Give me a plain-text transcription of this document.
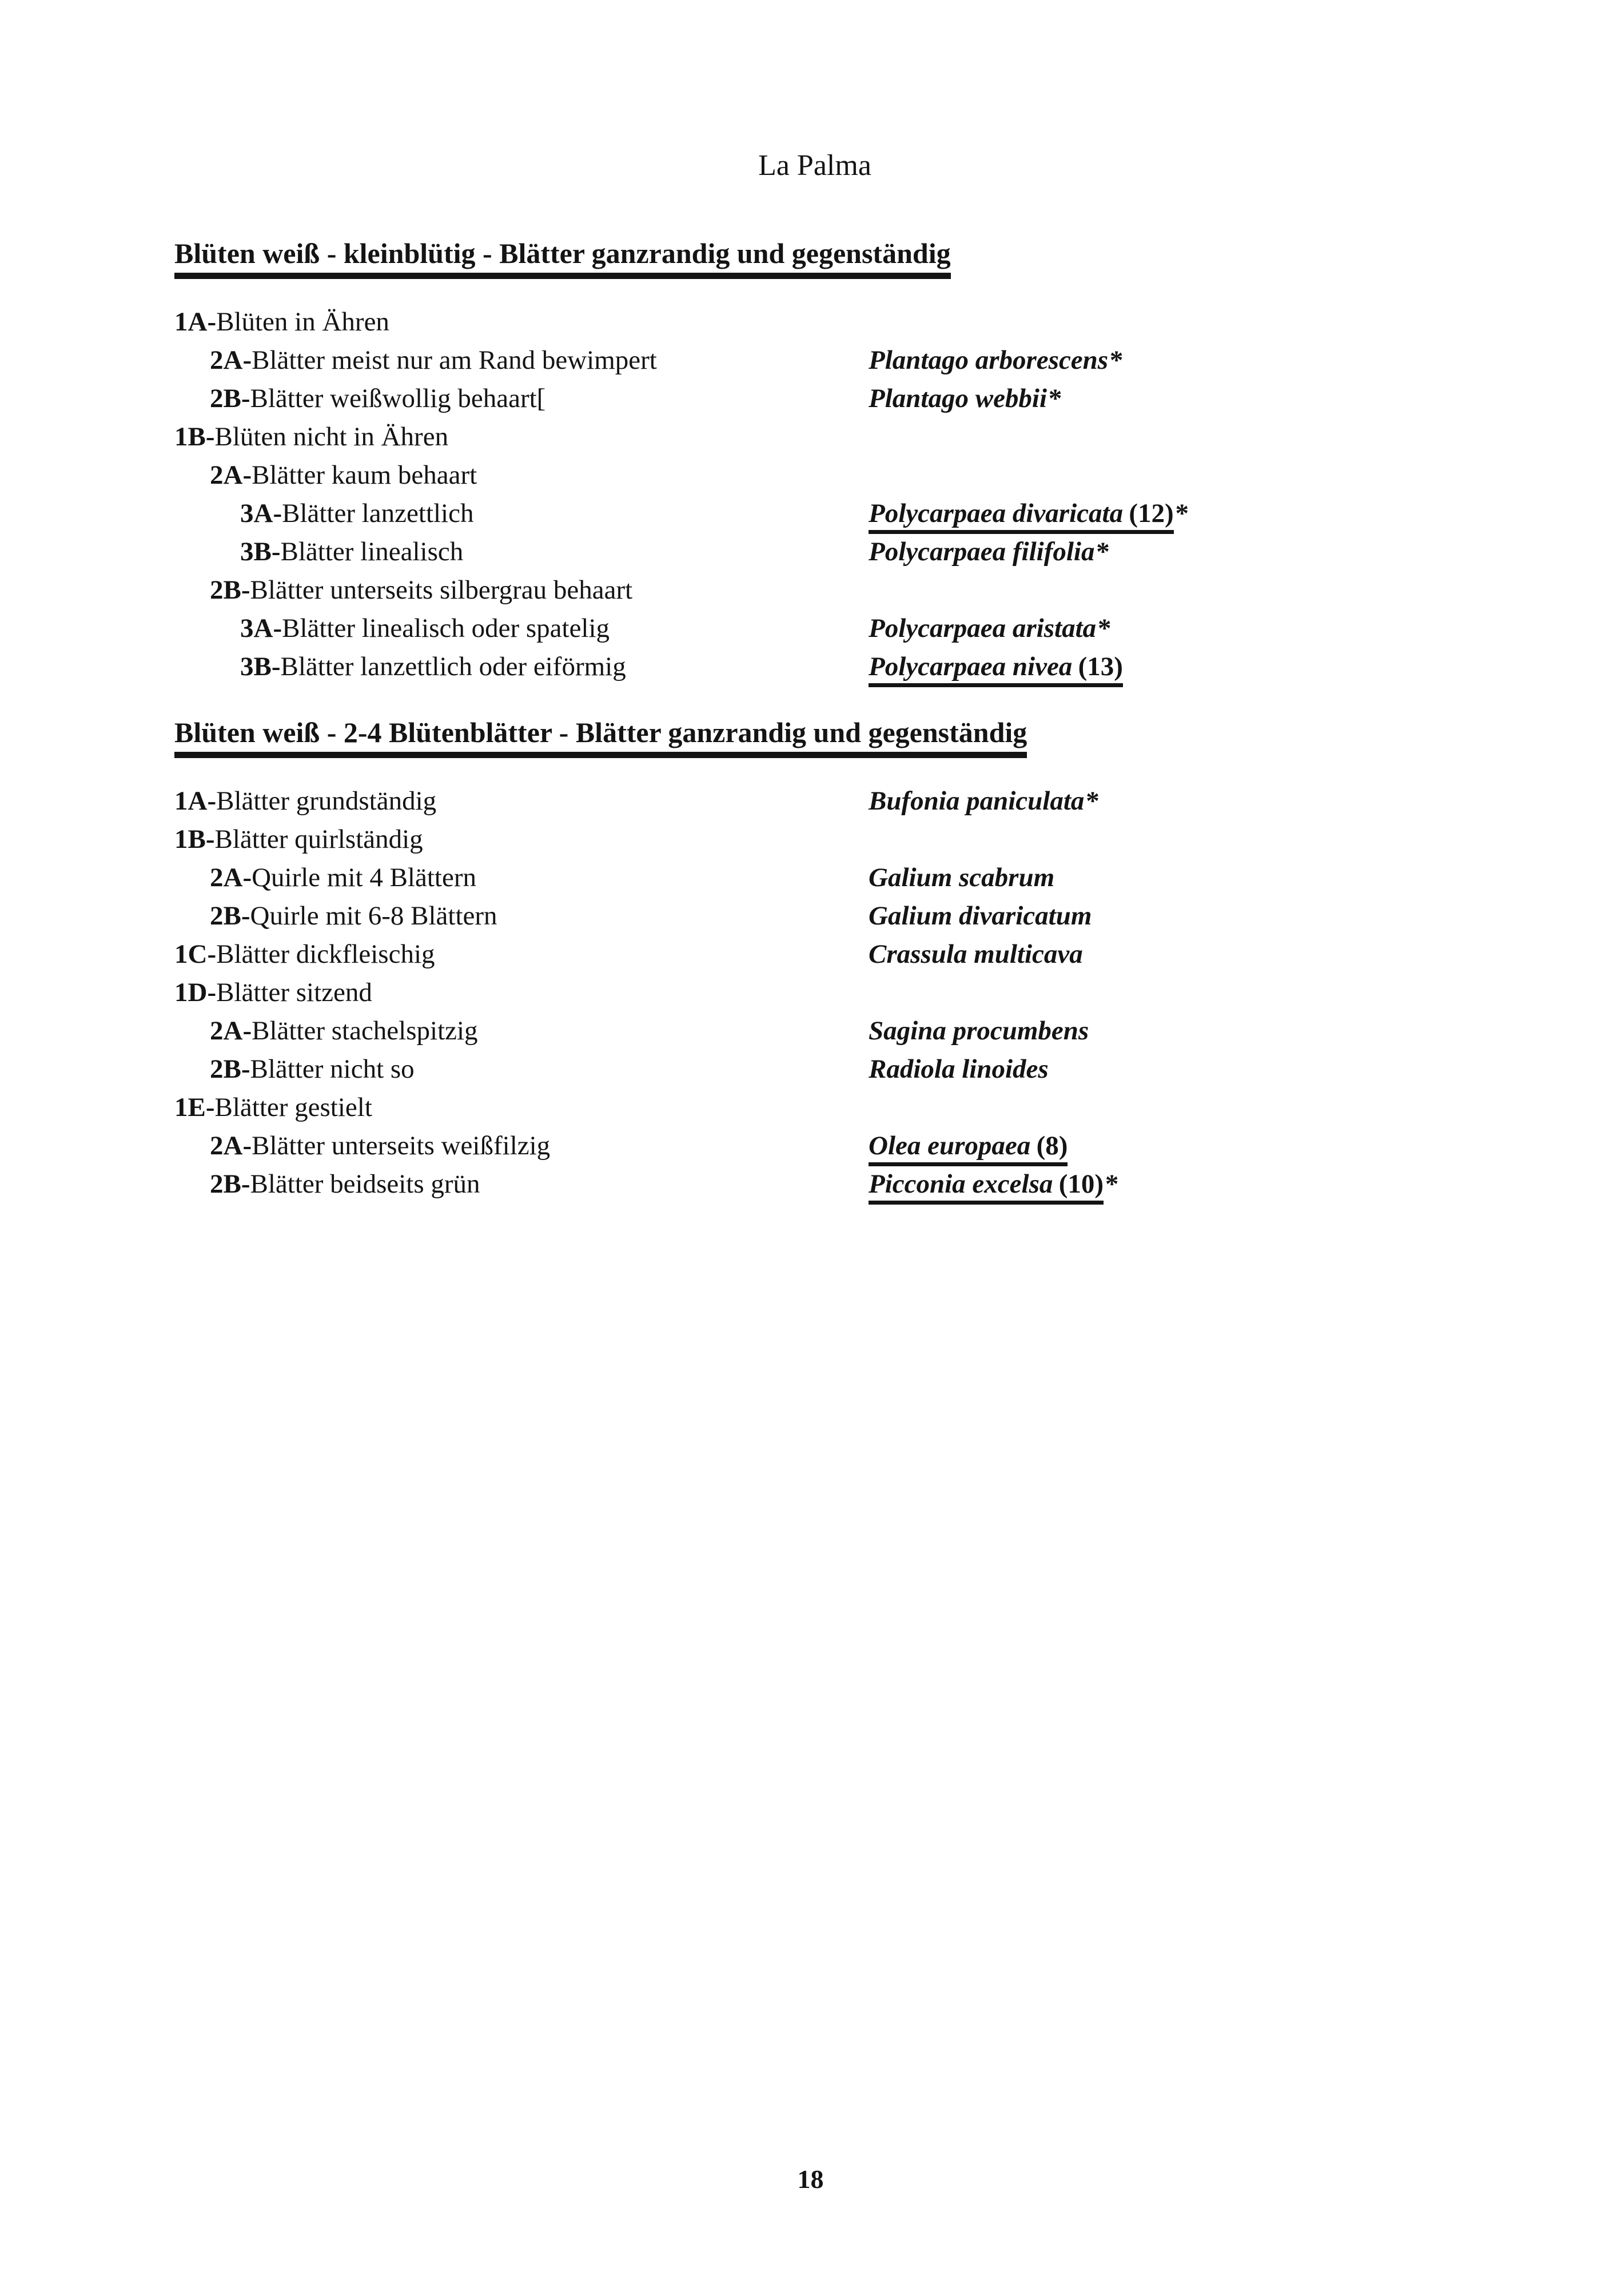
La Palma
Blüten weiß - kleinblütig - Blätter ganzrandig und gegenständig
1A-Blüten in Ähren
2A-Blätter meist nur am Rand bewimpert	Plantago arborescens*
2B-Blätter weißwollig behaart[	Plantago webbii*
1B-Blüten nicht in Ähren
2A-Blätter kaum behaart
3A-Blätter lanzettlich	Polycarpaea divaricata (12)*
3B-Blätter linealisch	Polycarpaea filifolia*
2B-Blätter unterseits silbergrau behaart
3A-Blätter linealisch oder spatelig	Polycarpaea aristata*
3B-Blätter lanzettlich oder eiförmig	Polycarpaea nivea (13)
Blüten weiß - 2-4 Blütenblätter - Blätter ganzrandig und gegenständig
1A-Blätter grundständig	Bufonia paniculata*
1B-Blätter quirlständig
2A-Quirle mit 4 Blättern	Galium scabrum
2B-Quirle mit 6-8 Blättern	Galium divaricatum
1C-Blätter dickfleischig	Crassula multicava
1D-Blätter sitzend
2A-Blätter stachelspitzig	Sagina procumbens
2B-Blätter nicht so	Radiola linoides
1E-Blätter gestielt
2A-Blätter unterseits weißfilzig	Olea europaea (8)
2B-Blätter beidseits grün	Picconia excelsa (10)*
18
